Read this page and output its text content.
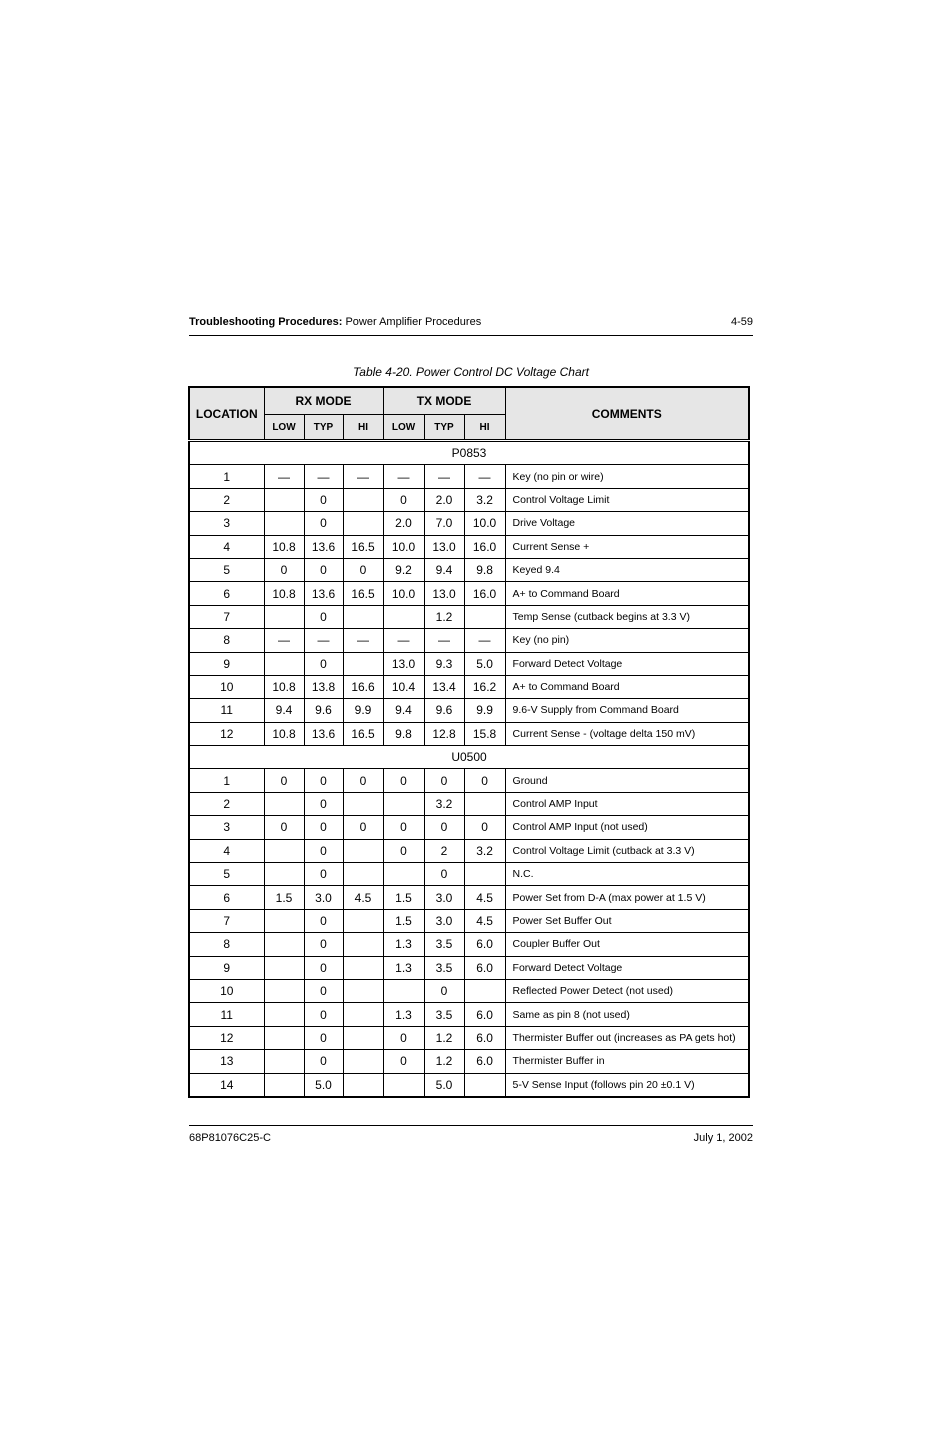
Troubleshooting Procedures: Power Amplifier Procedures	4-59
Table 4-20. Power Control DC Voltage Chart
LOCATION	RX MODE			TX MODE			COMMENTS
	LOW	TYP	HI	LOW	TYP	HI	
P0853							
1	—	—	—	—	—	—	Key (no pin or wire)
2		0		0	2.0	3.2	Control Voltage Limit
3		0		2.0	7.0	10.0	Drive Voltage
4	10.8	13.6	16.5	10.0	13.0	16.0	Current Sense +
5	0	0	0	9.2	9.4	9.8	Keyed 9.4
6	10.8	13.6	16.5	10.0	13.0	16.0	A+ to Command Board
7		0			1.2		Temp Sense (cutback begins at 3.3 V)
8	—	—	—	—	—	—	Key (no pin)
9		0		13.0	9.3	5.0	Forward Detect Voltage
10	10.8	13.8	16.6	10.4	13.4	16.2	A+ to Command Board
11	9.4	9.6	9.9	9.4	9.6	9.9	9.6-V Supply from Command Board
12	10.8	13.6	16.5	9.8	12.8	15.8	Current Sense - (voltage delta 150 mV)
U0500							
1	0	0	0	0	0	0	Ground
2		0			3.2		Control AMP Input
3	0	0	0	0	0	0	Control AMP Input (not used)
4		0		0	2	3.2	Control Voltage Limit (cutback at 3.3 V)
5		0			0		N.C.
6	1.5	3.0	4.5	1.5	3.0	4.5	Power Set from D-A (max power at 1.5 V)
7		0		1.5	3.0	4.5	Power Set Buffer Out
8		0		1.3	3.5	6.0	Coupler Buffer Out
9		0		1.3	3.5	6.0	Forward Detect Voltage
10		0			0		Reflected Power Detect (not used)
11		0		1.3	3.5	6.0	Same as pin 8 (not used)
12		0		0	1.2	6.0	Thermister Buffer out (increases as PA gets hot)
13		0		0	1.2	6.0	Thermister Buffer in
14		5.0			5.0		5-V Sense Input (follows pin 20 ±0.1 V)
68P81076C25-C	July 1, 2002
